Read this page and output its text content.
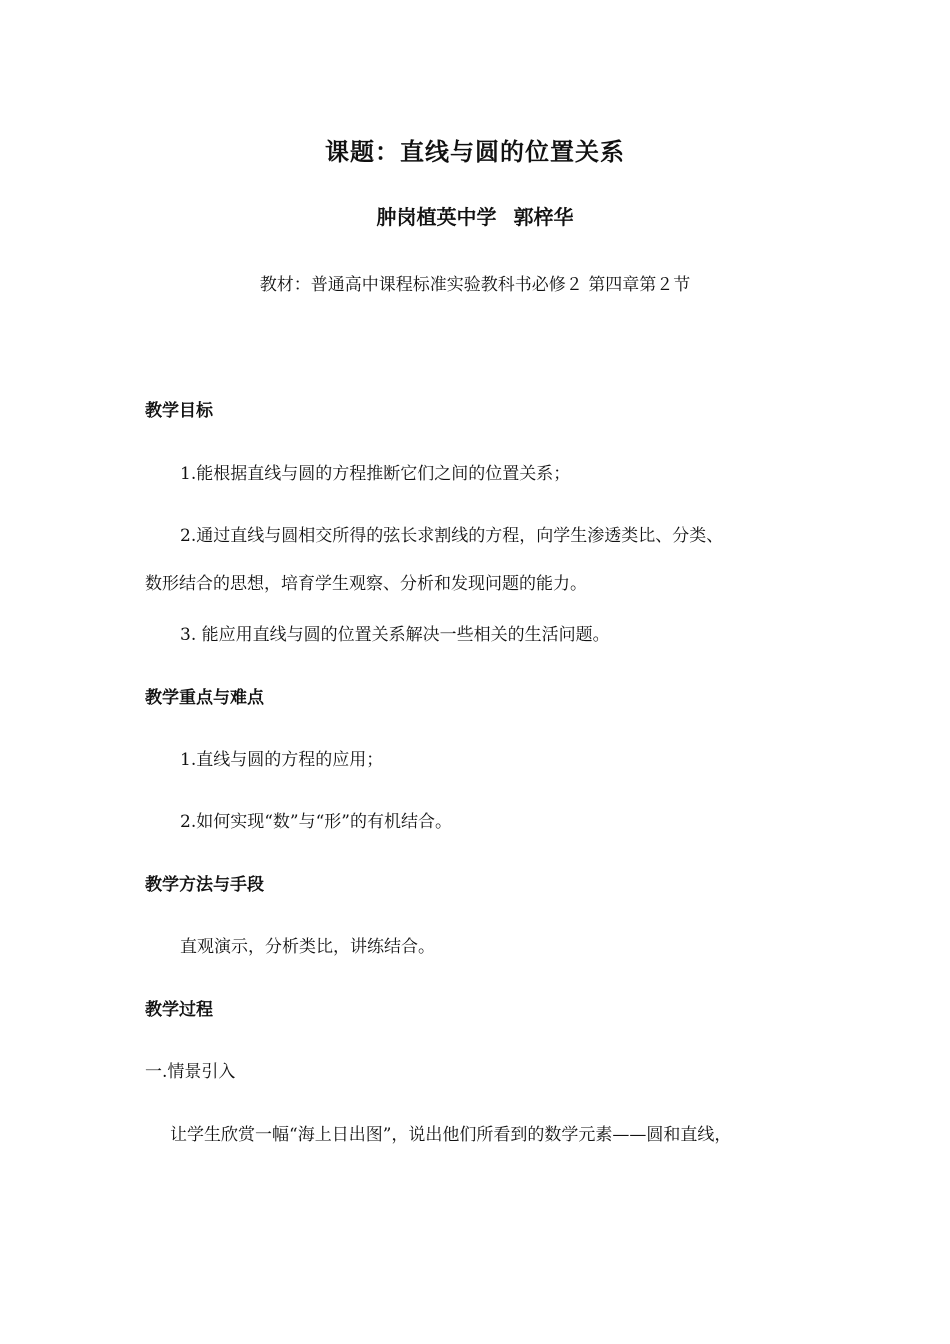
课题：直线与圆的位置关系
肿岗植英中学 郭梓华
教材：普通高中课程标准实验教科书必修２ 第四章第２节
教学目标
1.能根据直线与圆的方程推断它们之间的位置关系；
2.通过直线与圆相交所得的弦长求割线的方程，向学生渗透类比、分类、
数形结合的思想，培育学生观察、分析和发现问题的能力。
3. 能应用直线与圆的位置关系解决一些相关的生活问题。
教学重点与难点
1.直线与圆的方程的应用；
2.如何实现“数”与“形”的有机结合。
教学方法与手段
直观演示，分析类比，讲练结合。
教学过程
一.情景引入
让学生欣赏一幅“海上日出图”，说出他们所看到的数学元素——圆和直线，
